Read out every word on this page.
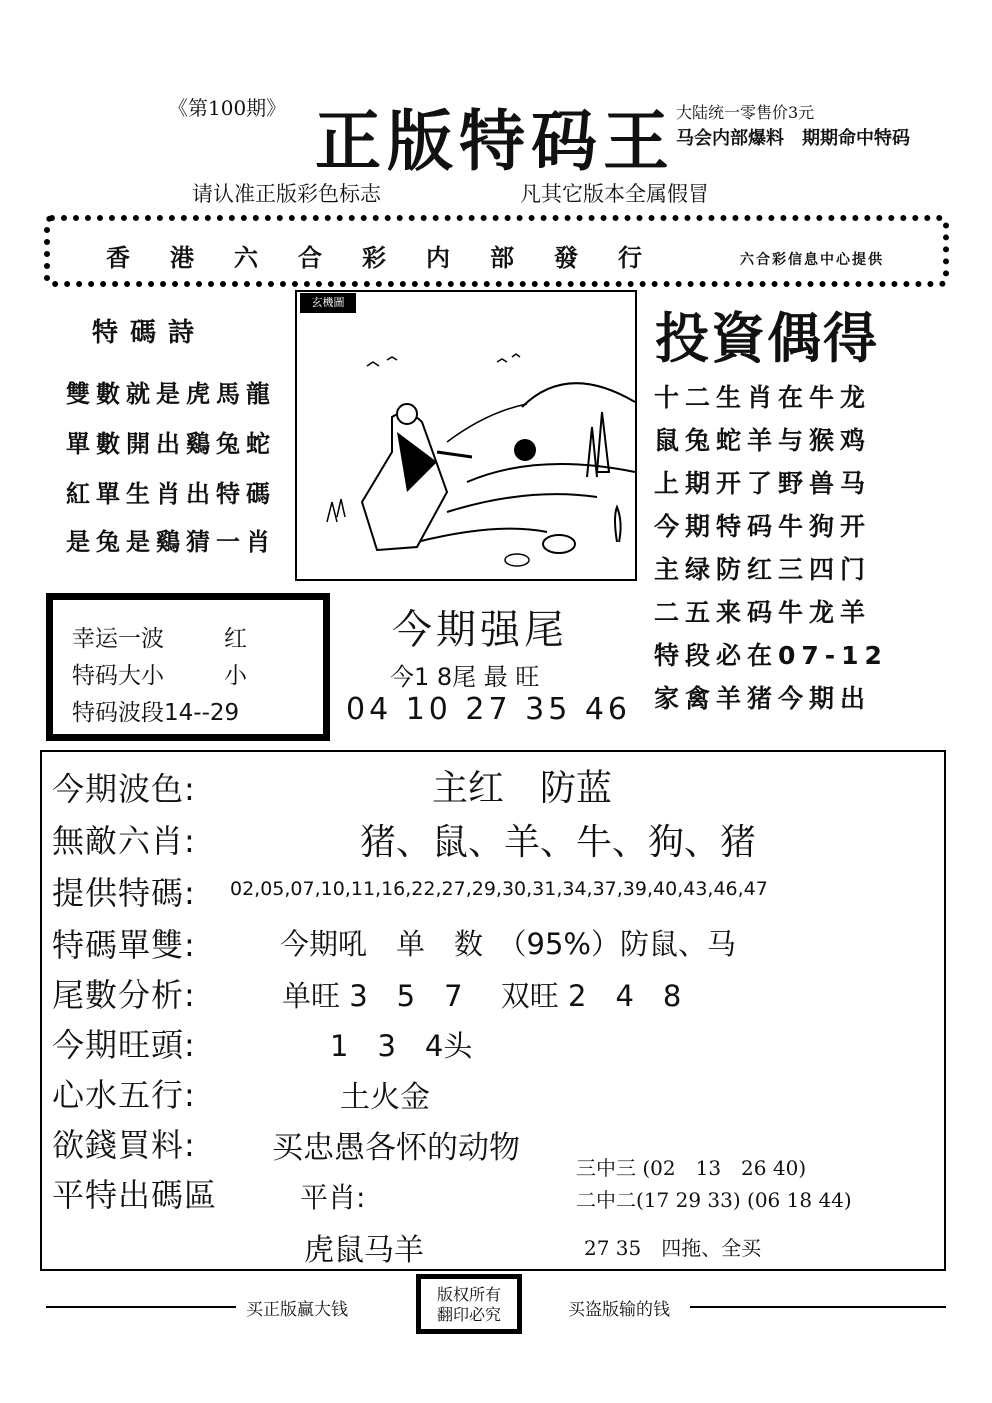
《第100期》 正版特码王 大陆统一零售价3元
马会内部爆料　期期命中特码
请认准正版彩色标志	凡其它版本全属假冒
香港六合彩内部發行	六合彩信息中心提供
特碼詩
雙數就是虎馬龍
單數開出鷄兔蛇
紅單生肖出特碼
是兔是鷄猜一肖
玄機圖
投資偶得
十二生肖在牛龙
鼠兔蛇羊与猴鸡
上期开了野兽马
今期特码牛狗开
主绿防红三四门
二五来码牛龙羊
特段必在07-12
家禽羊猪今期出
幸运一波	红
特码大小	小
特码波段14--29
今期强尾
今1 8尾 最 旺
04 10 27 35 46
今期波色:	主红　防蓝
無敵六肖:	猪、鼠、羊、牛、狗、猪
提供特碼: 02,05,07,10,11,16,22,27,29,30,31,34,37,39,40,43,46,47
特碼單雙:	今期吼　单　数　（95%）防鼠、马
尾數分析:	单旺 3　5　7　 双旺 2　4　8
今期旺頭:	1　3　4头
心水五行:	土火金
欲錢買料: 买忠愚各怀的动物
平特出碼區	平肖:
虎鼠马羊
三中三 (02　13　26 40)
二中二(17 29 33) (06 18 44)
27 35　四拖、全买
买正版赢大钱
版权所有
翻印必究	买盗版输的钱
